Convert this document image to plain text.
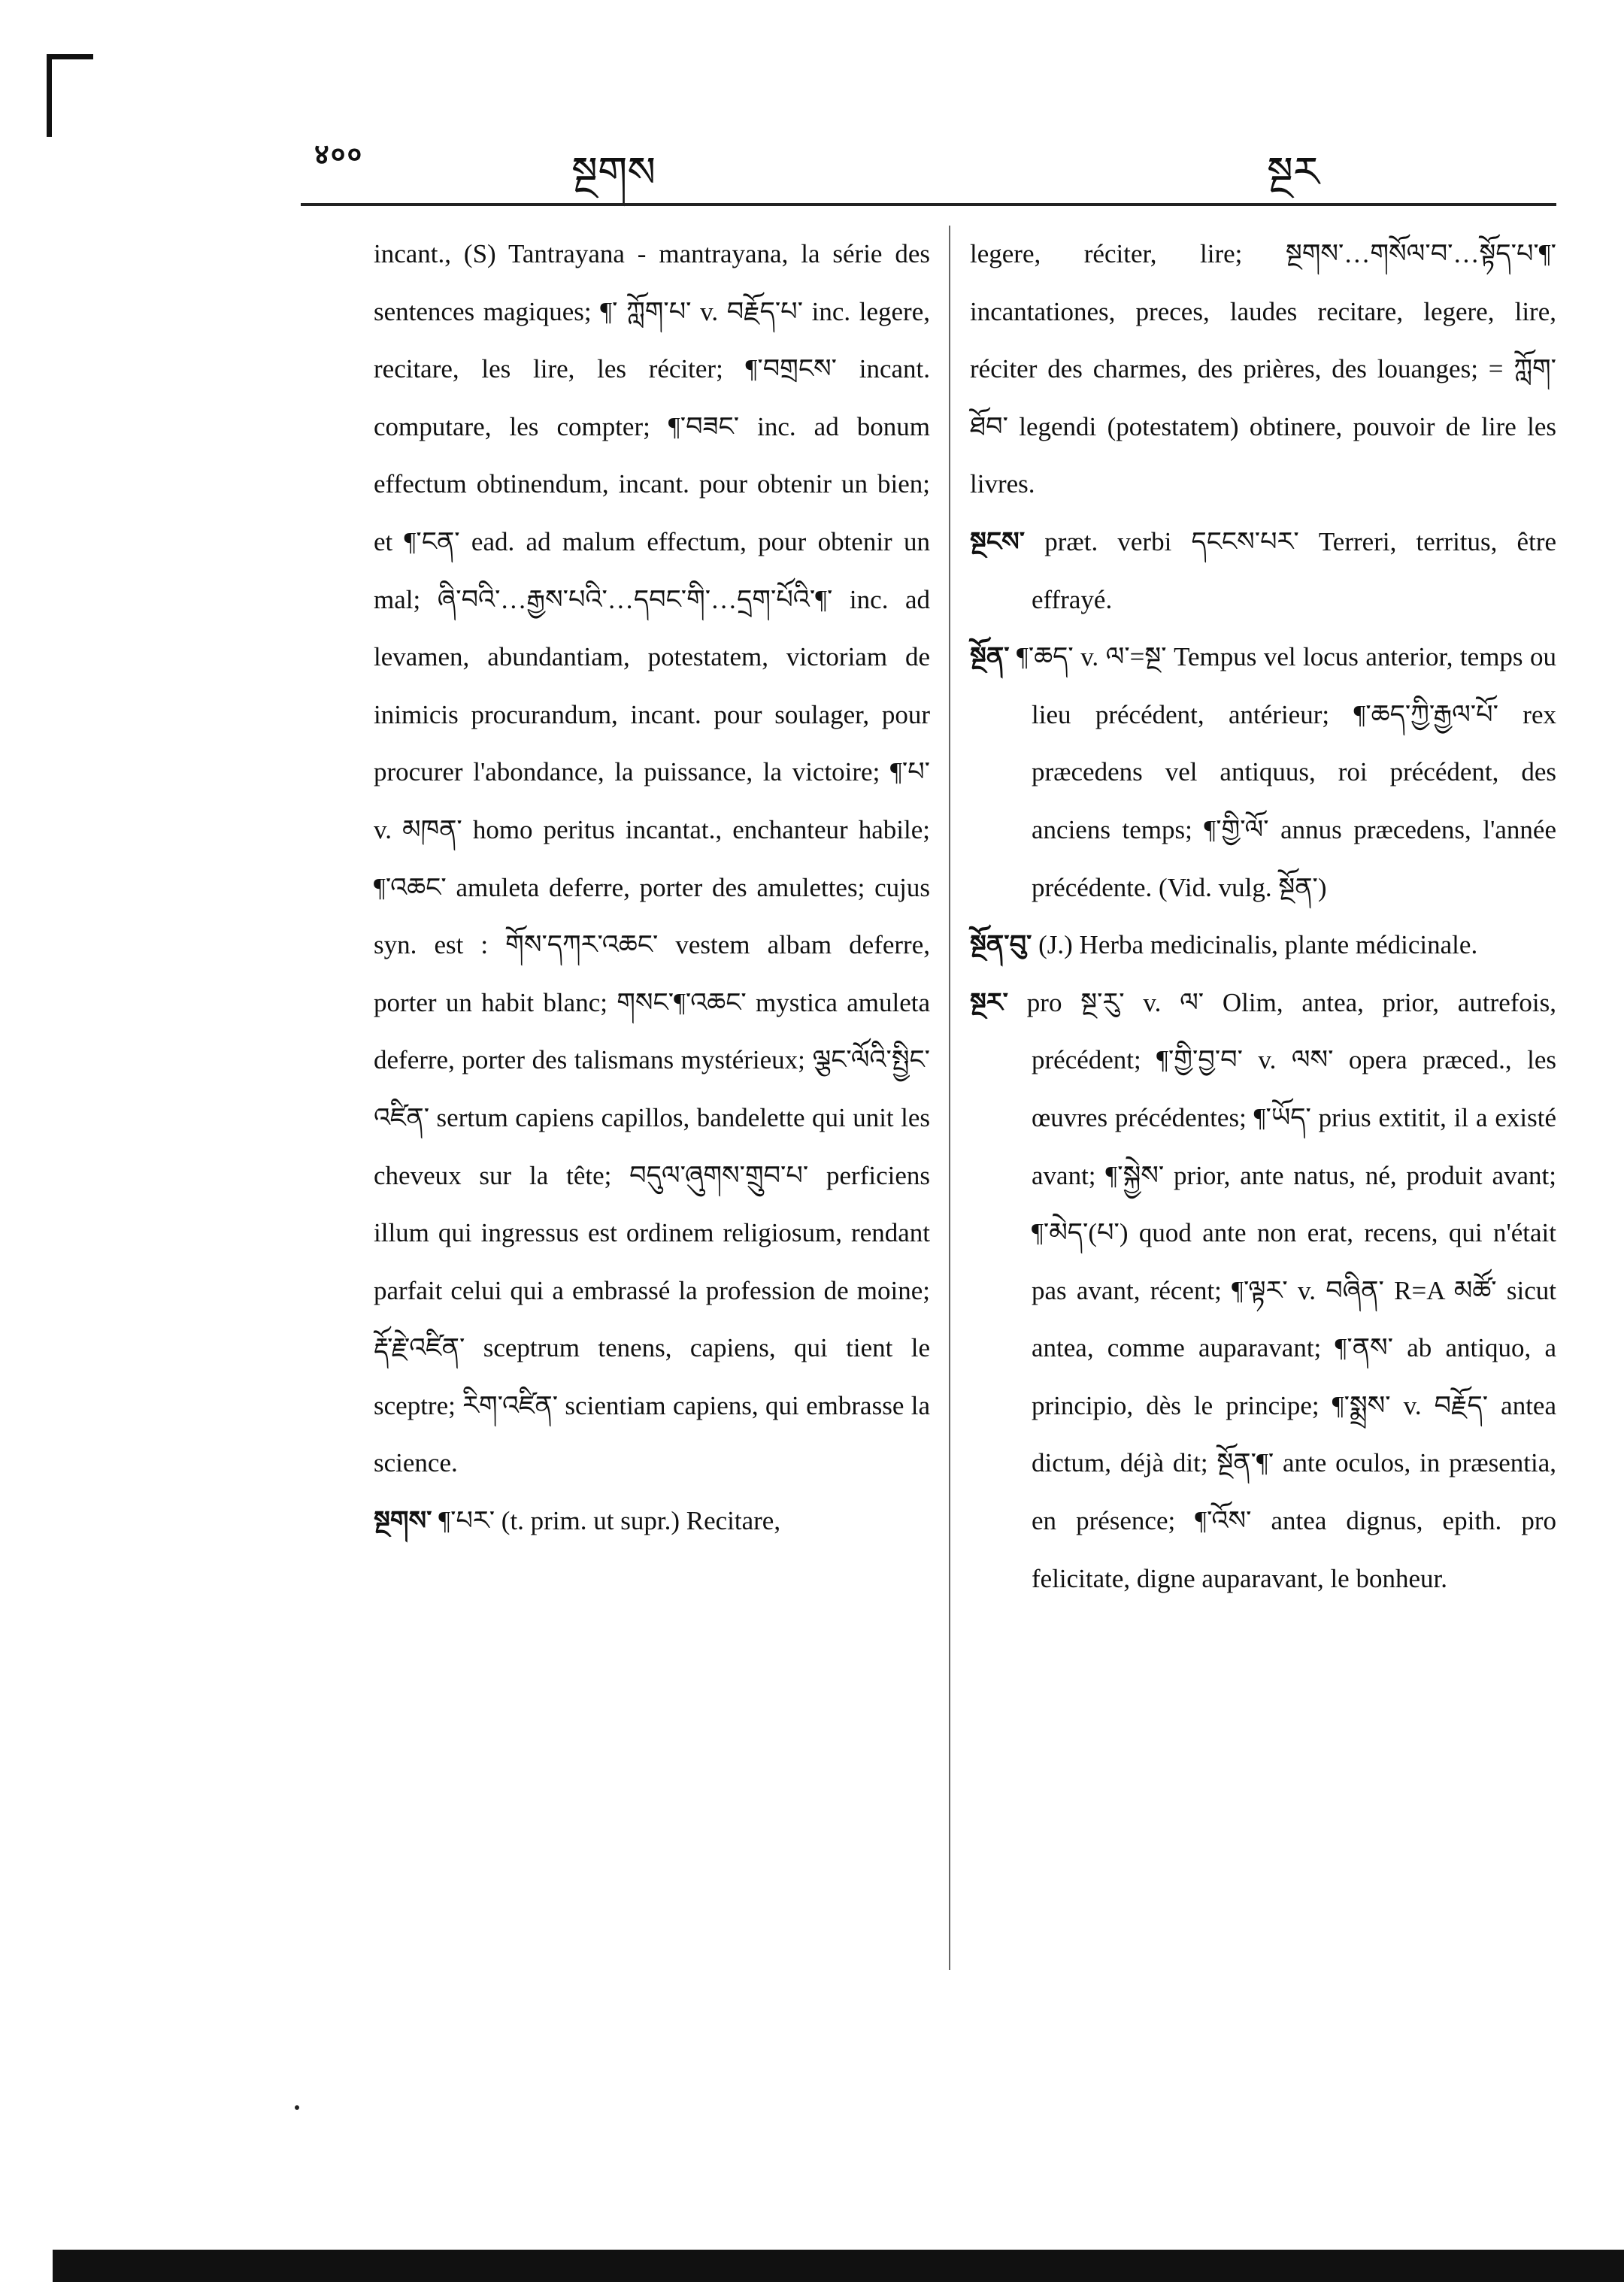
४००	སྔགས	སྔར

incant., (S) Tantrayana - mantrayana, la série des sentences magiques; ¶་ ཀློག་པ་ v. བརྗོད་པ་ inc. legere, recitare, les lire, les réciter; ¶་བགྲངས་ incant. computare, les compter; ¶་བཟང་ inc. ad bonum effectum obtinendum, incant. pour obtenir un bien; et ¶་ངན་ ead. ad malum effectum, pour obtenir un mal; ཞི་བའི་…རྒྱས་པའི་…དབང་གི་…དྲག་པོའི་¶་ inc. ad levamen, abundantiam, potestatem, victoriam de inimicis procurandum, incant. pour soulager, pour procurer l'abondance, la puissance, la victoire; ¶་པ་ v. མཁན་ homo peritus incantat., enchanteur habile; ¶་འཆང་ amuleta deferre, porter des amulettes; cujus syn. est : གོས་དཀར་འཆང་ vestem albam deferre, porter un habit blanc; གསང་¶་འཆང་ mystica amuleta deferre, porter des talismans mystérieux; ལྕང་ལོའི་སྤྱིང་འཛིན་ sertum capiens capillos, bandelette qui unit les cheveux sur la tête; བདུལ་ཞུགས་གྲུབ་པ་ perficiens illum qui ingressus est ordinem religiosum, rendant parfait celui qui a embrassé la profession de moine; རྡོ་རྗེ་འཛིན་ sceptrum tenens, capiens, qui tient le sceptre; རིག་འཛིན་ scientiam capiens, qui embrasse la science.

སྔགས་ ¶་པར་ (t. prim. ut supr.) Recitare,

legere, réciter, lire; སྔགས་…གསོལ་བ་…སྟོད་པ་¶་ incantationes, preces, laudes recitare, legere, lire, réciter des charmes, des prières, des louanges; = ཀློག་ཐོབ་ legendi (potestatem) obtinere, pouvoir de lire les livres.

སྔངས་ præt. verbi དངངས་པར་ Terreri, territus, être effrayé.

སྔོན་ ¶་ཆད་ v. ལ་=སྔ་ Tempus vel locus anterior, temps ou lieu précédent, antérieur; ¶་ཆད་ཀྱི་རྒྱལ་པོ་ rex præcedens vel antiquus, roi précédent, des anciens temps; ¶་གྱི་ལོ་ annus præcedens, l'année précédente. (Vid. vulg. སྔོན་)

སྔོན་བུ་ (J.) Herba medicinalis, plante médicinale.

སྔར་ pro སྔ་རུ་ v. ལ་ Olim, antea, prior, autrefois, précédent; ¶་གྱི་བྱ་བ་ v. ལས་ opera præced., les œuvres précédentes; ¶་ཡོད་ prius extitit, il a existé avant; ¶་སྐྱེས་ prior, ante natus, né, produit avant; ¶་མེད་(པ་) quod ante non erat, recens, qui n'était pas avant, récent; ¶་ལྟར་ v. བཞིན་ R=A མཚོ་ sicut antea, comme auparavant; ¶་ནས་ ab antiquo, a principio, dès le principe; ¶་སྨྲས་ v. བརྗོད་ antea dictum, déjà dit; སྔོན་¶་ ante oculos, in præsentia, en présence; ¶་འོས་ antea dignus, epith. pro felicitate, digne auparavant, le bonheur.
